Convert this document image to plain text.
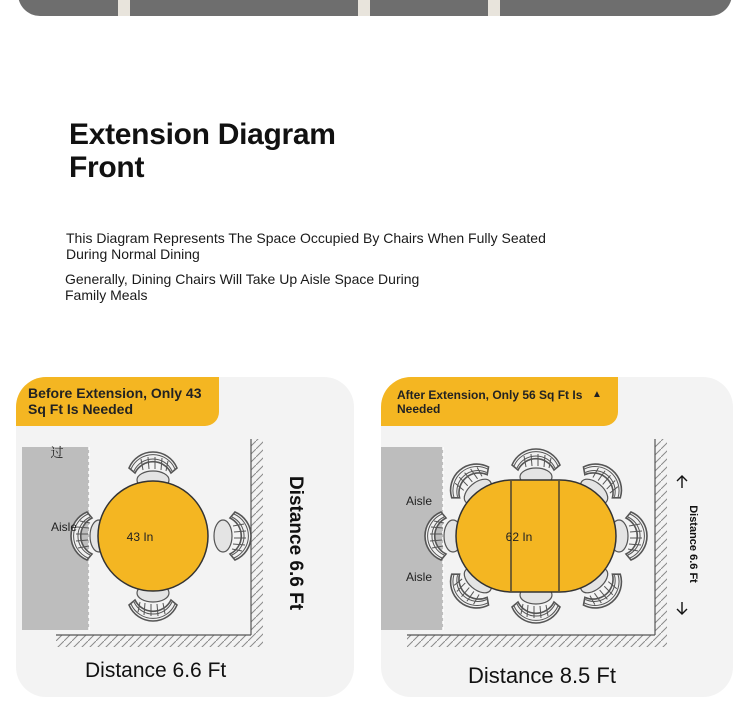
Extension Diagram
Front
This Diagram Represents The Space Occupied By Chairs When Fully Seated
During Normal Dining
Generally, Dining Chairs Will Take Up Aisle Space During
Family Meals
Before Extension, Only 43
Sq Ft Is Needed
过
Aisle
43 In	Distance 6.6 Ft
Distance 6.6 Ft
After Extension, Only 56 Sq Ft Is
Needed
▲
Aisle
Aisle
62 In	Distance 6.6 Ft
Distance 8.5 Ft
